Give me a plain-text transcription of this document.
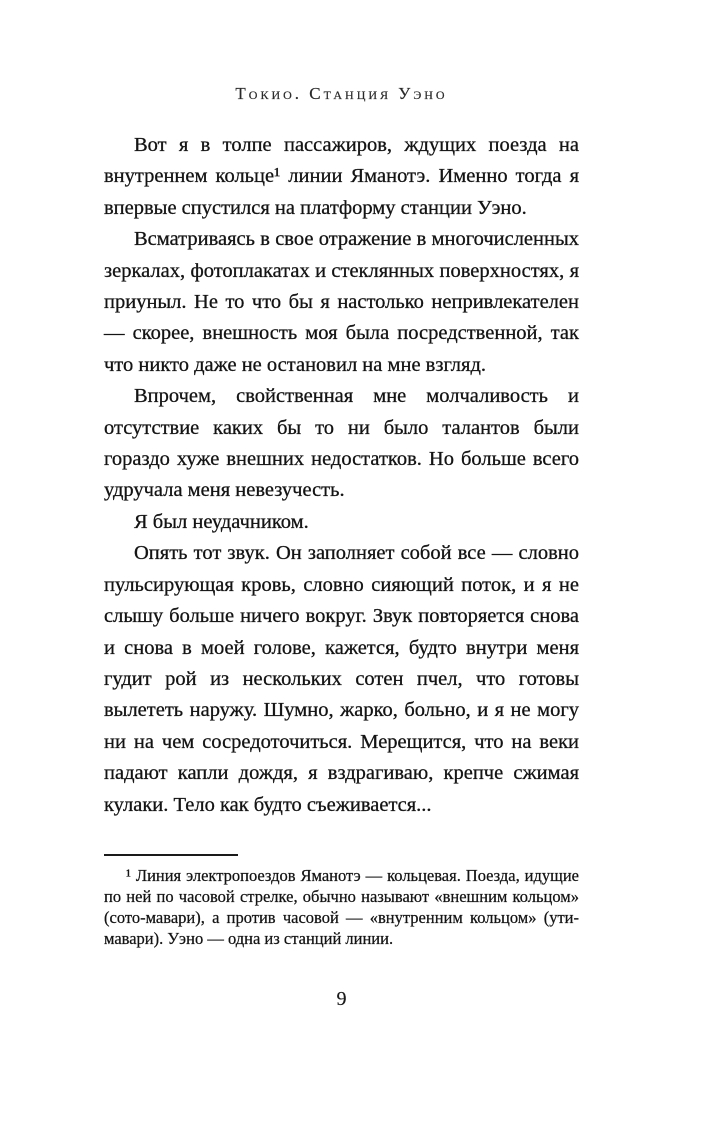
Токио. Станция Уэно

Вот я в толпе пассажиров, ждущих поезда на внутреннем кольце¹ линии Яманотэ. Именно тогда я впервые спустился на платформу станции Уэно.

Всматриваясь в свое отражение в многочисленных зеркалах, фотоплакатах и стеклянных поверхностях, я приуныл. Не то что бы я настолько непривлекателен — скорее, внешность моя была посредственной, так что никто даже не остановил на мне взгляд.

Впрочем, свойственная мне молчаливость и отсутствие каких бы то ни было талантов были гораздо хуже внешних недостатков. Но больше всего удручала меня невезучесть.

Я был неудачником.

Опять тот звук. Он заполняет собой все — словно пульсирующая кровь, словно сияющий поток, и я не слышу больше ничего вокруг. Звук повторяется снова и снова в моей голове, кажется, будто внутри меня гудит рой из нескольких сотен пчел, что готовы вылететь наружу. Шумно, жарко, больно, и я не могу ни на чем сосредоточиться. Мерещится, что на веки падают капли дождя, я вздрагиваю, крепче сжимая кулаки. Тело как будто съеживается...

¹ Линия электропоездов Яманотэ — кольцевая. Поезда, идущие по ней по часовой стрелке, обычно называют «внешним кольцом» (сото-мавари), а против часовой — «внутренним кольцом» (ути-мавари). Уэно — одна из станций линии.

9
